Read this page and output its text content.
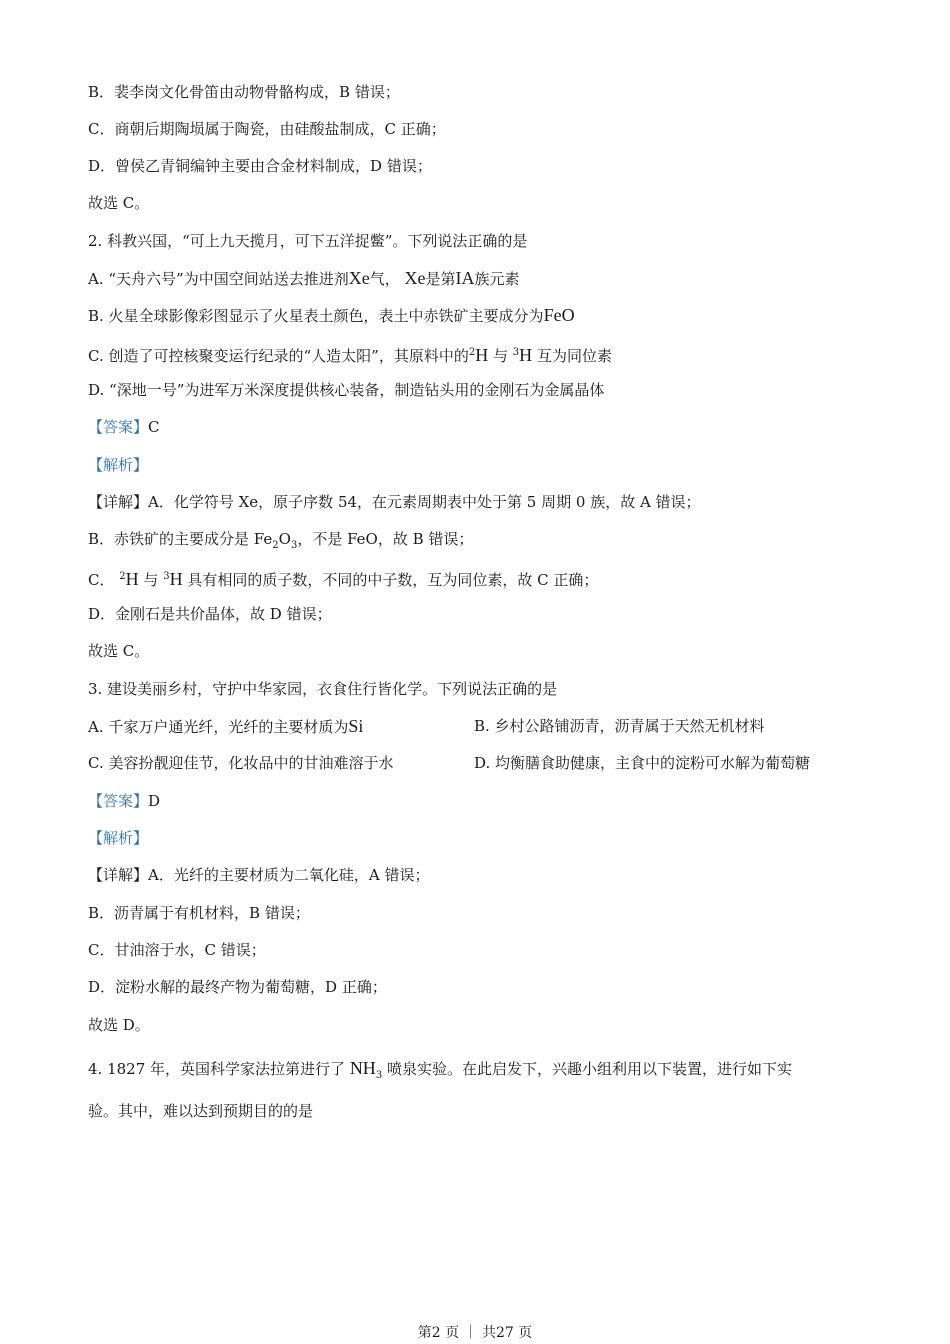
B．裴李岗文化骨笛由动物骨骼构成，B 错误；
C．商朝后期陶埙属于陶瓷，由硅酸盐制成，C 正确；
D．曾侯乙青铜编钟主要由合金材料制成，D 错误；
故选 C。
2. 科教兴国，“可上九天揽月，可下五洋捉鳖”。下列说法正确的是
A. “天舟六号”为中国空间站送去推进剂Xe气， Xe是第IA族元素
B. 火星全球影像彩图显示了火星表土颜色，表土中赤铁矿主要成分为FeO
C. 创造了可控核聚变运行纪录的“人造太阳”，其原料中的$^2$H 与 $^3$H 互为同位素
D. “深地一号”为进军万米深度提供核心装备，制造钻头用的金刚石为金属晶体
【答案】C
【解析】
【详解】A．化学符号 Xe，原子序数 54，在元素周期表中处于第 5 周期 0 族，故 A 错误；
B．赤铁矿的主要成分是 $Fe_2O_3$，不是 FeO，故 B 错误；
C． $^2$H 与 $^3$H 具有相同的质子数，不同的中子数，互为同位素，故 C 正确；
D．金刚石是共价晶体，故 D 错误；
故选 C。
3. 建设美丽乡村，守护中华家园，衣食住行皆化学。下列说法正确的是
A. 千家万户通光纤，光纤的主要材质为Si	B. 乡村公路铺沥青，沥青属于天然无机材料
C. 美容扮靓迎佳节，化妆品中的甘油难溶于水	D. 均衡膳食助健康，主食中的淀粉可水解为葡萄糖
【答案】D
【解析】
【详解】A．光纤的主要材质为二氧化硅，A 错误；
B．沥青属于有机材料，B 错误；
C．甘油溶于水，C 错误；
D．淀粉水解的最终产物为葡萄糖，D 正确；
故选 D。
4. 1827 年，英国科学家法拉第进行了 $NH_3$ 喷泉实验。在此启发下，兴趣小组利用以下装置，进行如下实
验。其中，难以达到预期目的的是
第2 页 ｜ 共27 页
